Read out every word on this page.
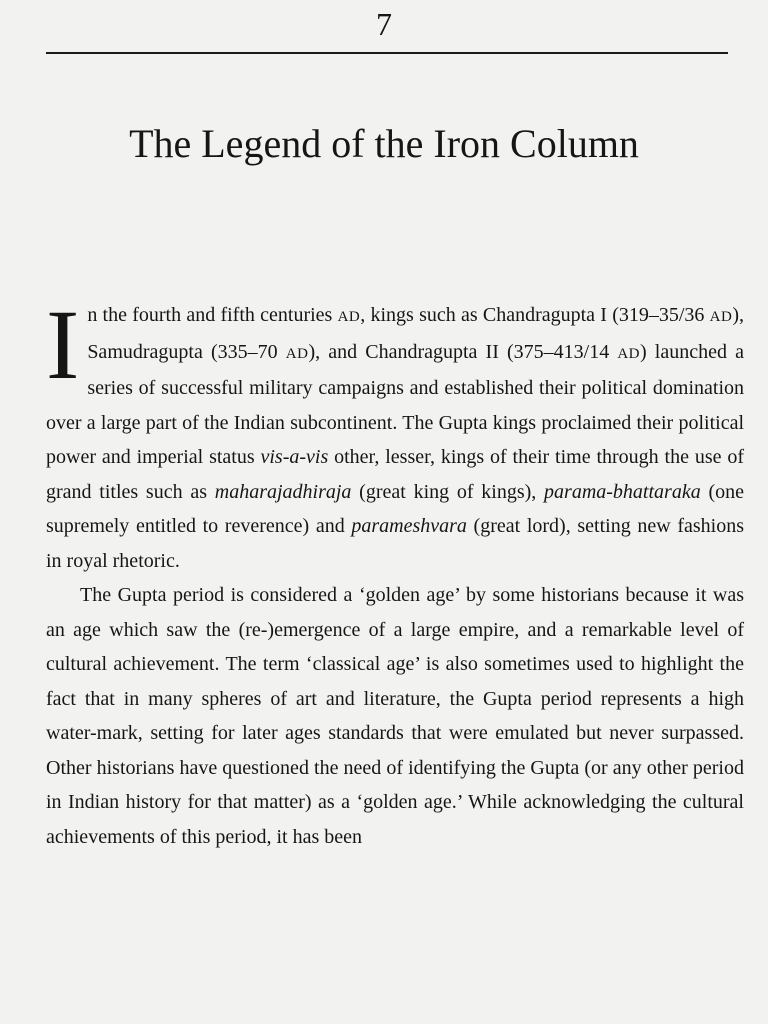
7
The Legend of the Iron Column

In the fourth and fifth centuries AD, kings such as Chandragupta I (319–35/36 AD), Samudragupta (335–70 AD), and Chandragupta II (375–413/14 AD) launched a series of successful military campaigns and established their political domination over a large part of the Indian subcontinent. The Gupta kings proclaimed their political power and imperial status vis-a-vis other, lesser, kings of their time through the use of grand titles such as maharajadhiraja (great king of kings), parama-bhattaraka (one supremely entitled to reverence) and parameshvara (great lord), setting new fashions in royal rhetoric.

The Gupta period is considered a ‘golden age’ by some historians because it was an age which saw the (re-)emergence of a large empire, and a remarkable level of cultural achievement. The term ‘classical age’ is also sometimes used to highlight the fact that in many spheres of art and literature, the Gupta period represents a high water-mark, setting for later ages standards that were emulated but never surpassed. Other historians have questioned the need of identifying the Gupta (or any other period in Indian history for that matter) as a ‘golden age.’ While acknowledging the cultural achievements of this period, it has been
